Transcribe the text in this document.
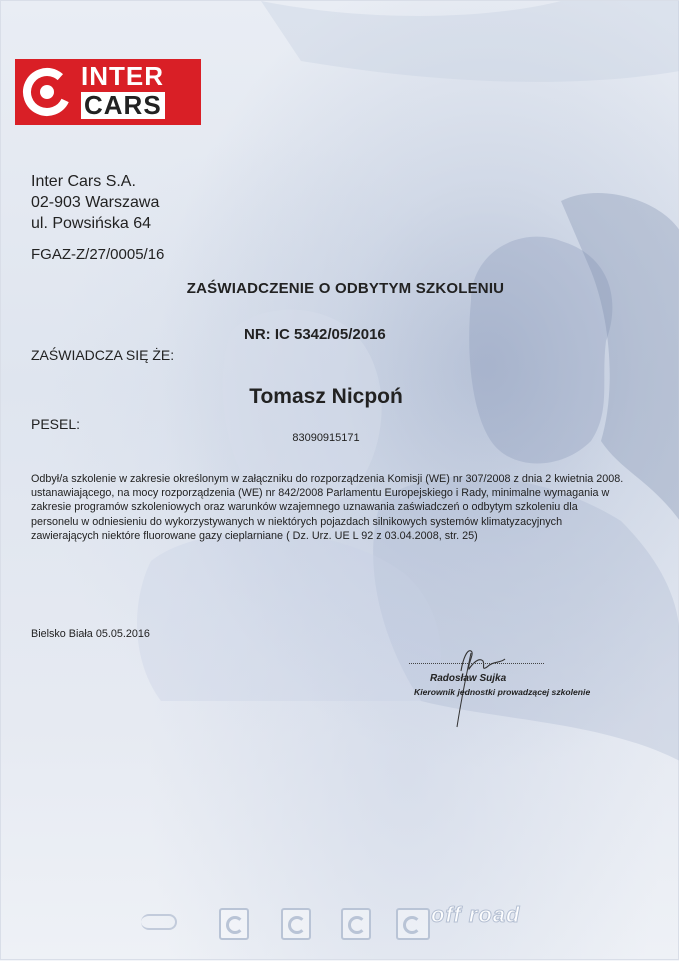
INTER
CARS
Inter Cars S.A.
02-903 Warszawa
ul. Powsińska 64
FGAZ-Z/27/0005/16
ZAŚWIADCZENIE O ODBYTYM SZKOLENIU
NR: IC 5342/05/2016
ZAŚWIADCZA SIĘ ŻE:
Tomasz Nicpoń
PESEL:
83090915171
Odbył/a szkolenie w zakresie określonym w załączniku do rozporządzenia Komisji (WE) nr 307/2008 z dnia 2 kwietnia 2008. ustanawiającego, na mocy rozporządzenia (WE) nr 842/2008 Parlamentu Europejskiego i Rady, minimalne wymagania w zakresie programów szkoleniowych oraz warunków wzajemnego uznawania zaświadczeń o odbytym szkoleniu dla personelu w odniesieniu do wykorzystywanych w niektórych pojazdach silnikowych systemów klimatyzacyjnych zawierających niektóre fluorowane gazy cieplarniane ( Dz. Urz. UE L 92 z 03.04.2008, str. 25)
Bielsko Biała 05.05.2016
Radosław Sujka
Kierownik jednostki prowadzącej szkolenie
off road
